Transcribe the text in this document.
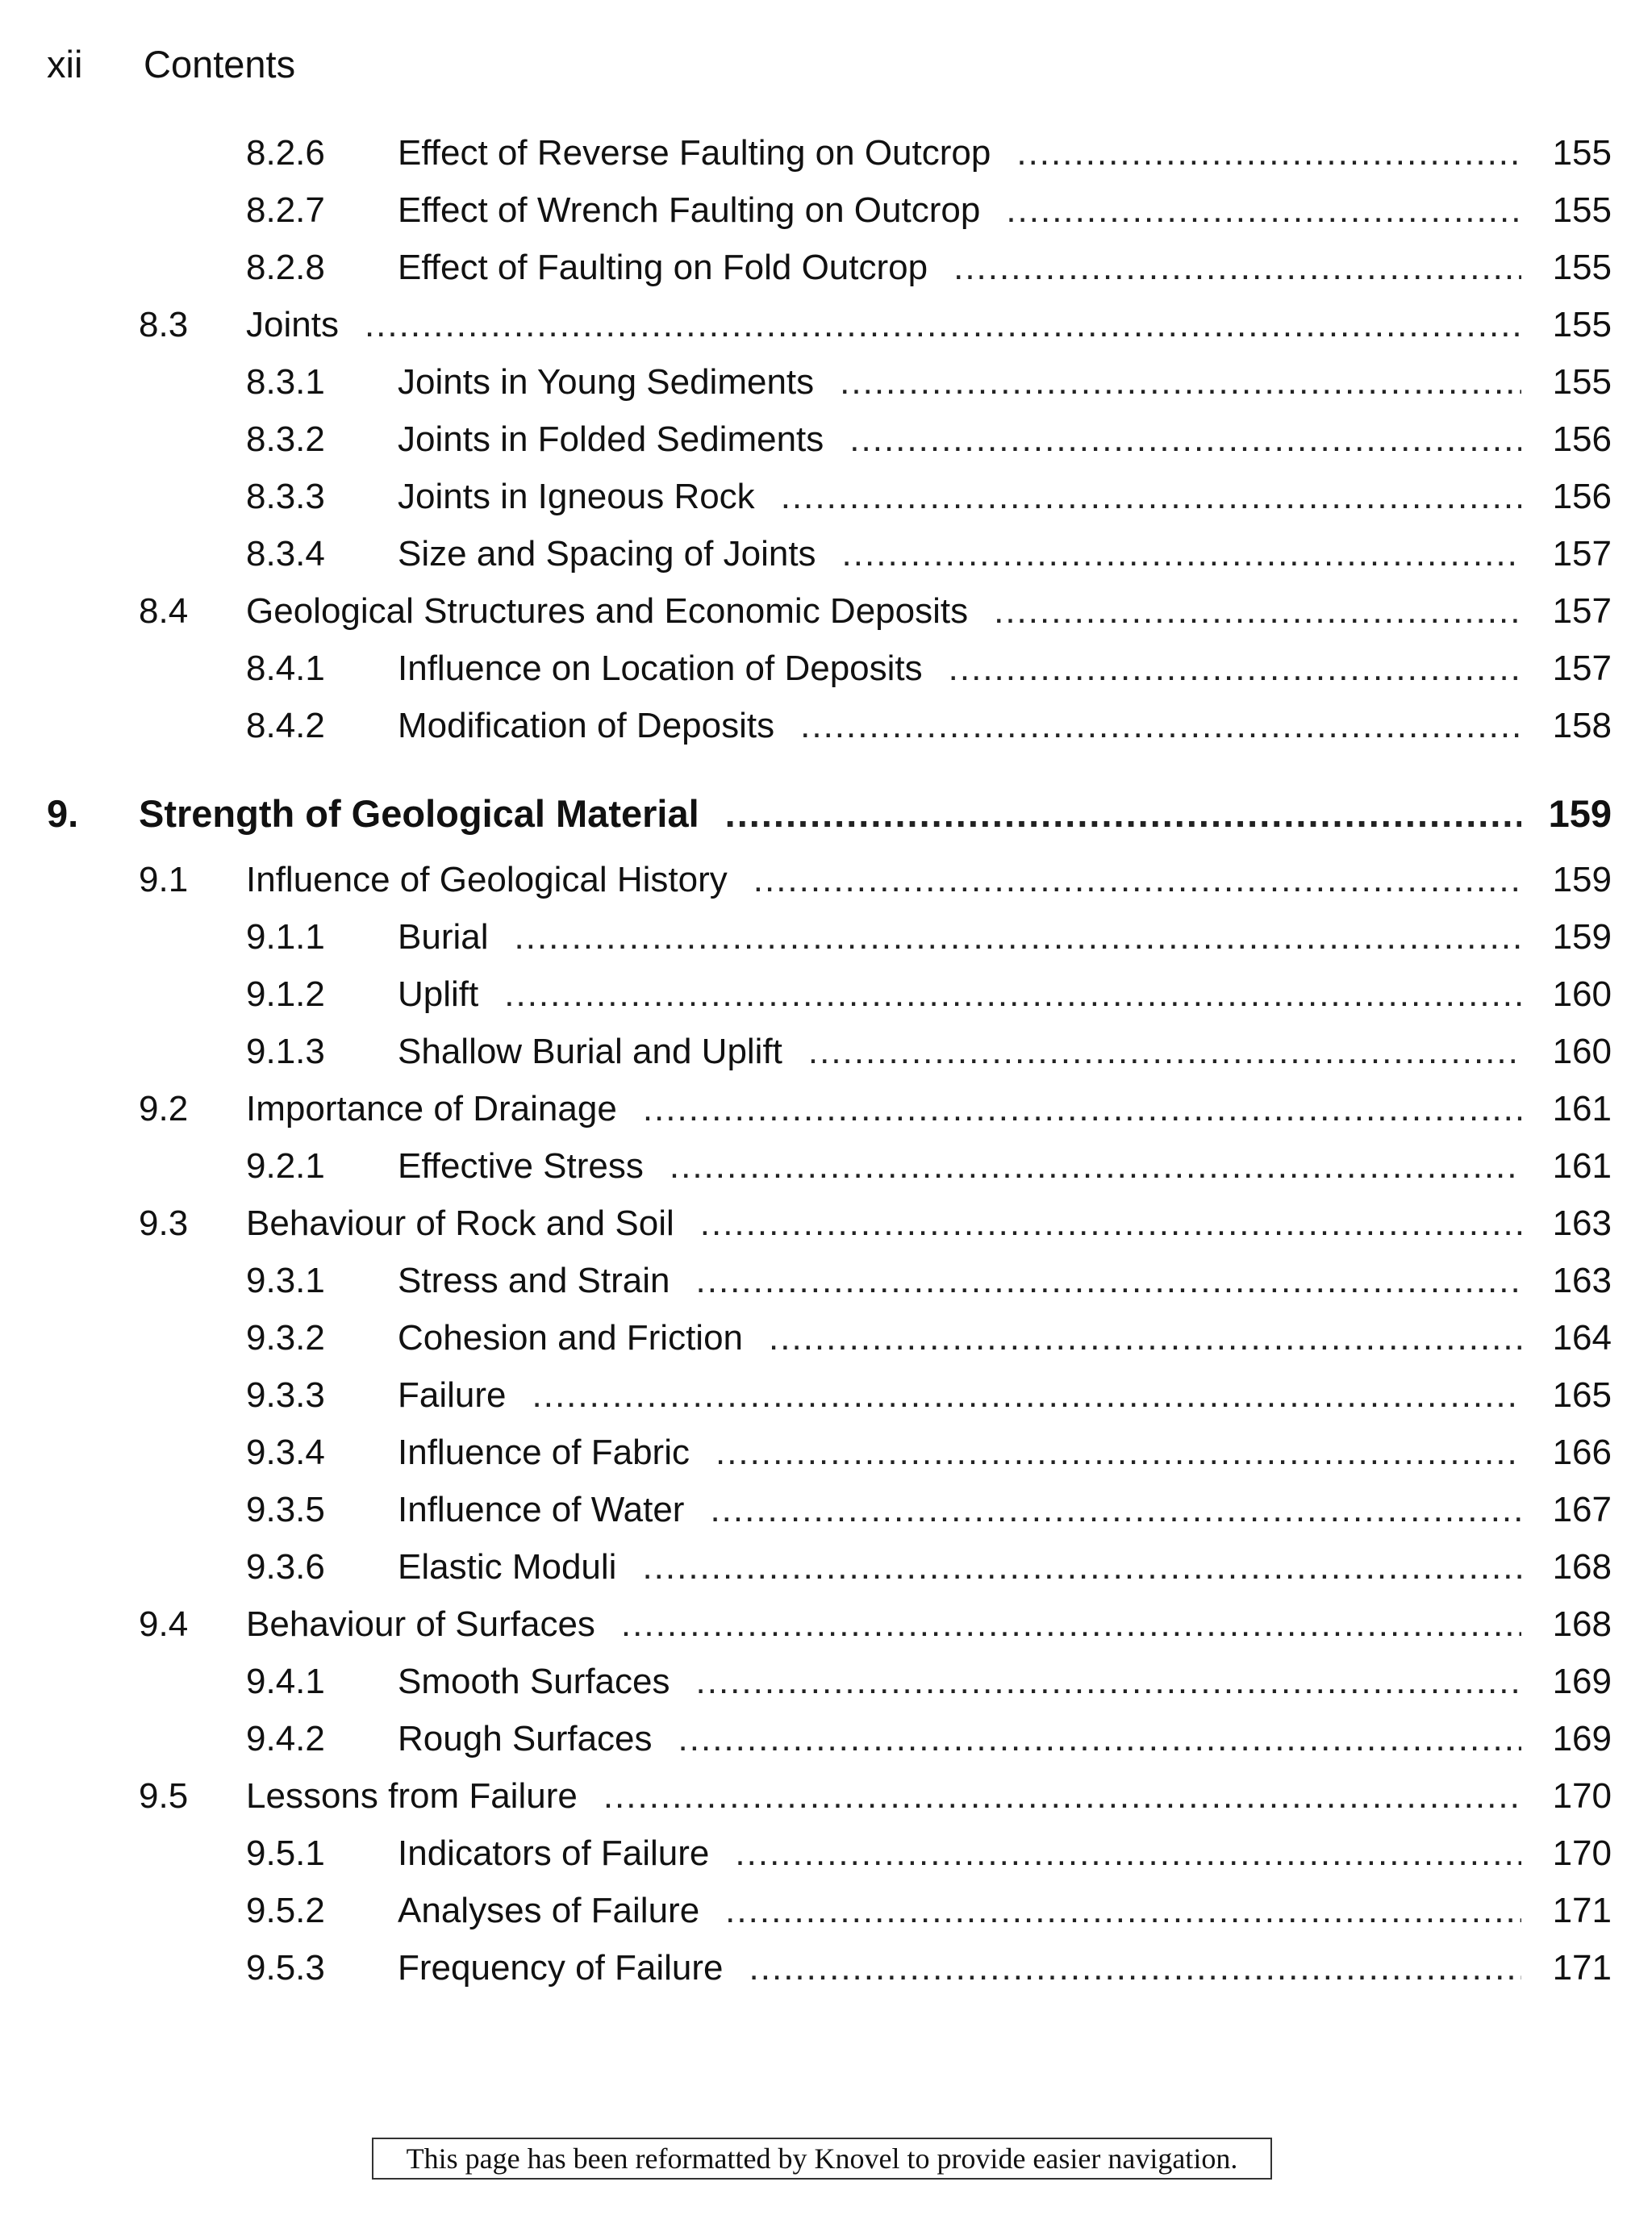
xii Contents
8.2.6 Effect of Reverse Faulting on Outcrop .....	155
8.2.7 Effect of Wrench Faulting on Outcrop .....	155
8.2.8 Effect of Faulting on Fold Outcrop .....	155
8.3 Joints .....	155
8.3.1 Joints in Young Sediments .....	155
8.3.2 Joints in Folded Sediments .....	156
8.3.3 Joints in Igneous Rock .....	156
8.3.4 Size and Spacing of Joints .....	157
8.4 Geological Structures and Economic Deposits .....	157
8.4.1 Influence on Location of Deposits .....	157
8.4.2 Modification of Deposits .....	158
9. Strength of Geological Material .....	159
9.1 Influence of Geological History .....	159
9.1.1 Burial .....	159
9.1.2 Uplift .....	160
9.1.3 Shallow Burial and Uplift .....	160
9.2 Importance of Drainage .....	161
9.2.1 Effective Stress .....	161
9.3 Behaviour of Rock and Soil .....	163
9.3.1 Stress and Strain .....	163
9.3.2 Cohesion and Friction .....	164
9.3.3 Failure .....	165
9.3.4 Influence of Fabric .....	166
9.3.5 Influence of Water .....	167
9.3.6 Elastic Moduli .....	168
9.4 Behaviour of Surfaces .....	168
9.4.1 Smooth Surfaces .....	169
9.4.2 Rough Surfaces .....	169
9.5 Lessons from Failure .....	170
9.5.1 Indicators of Failure .....	170
9.5.2 Analyses of Failure .....	171
9.5.3 Frequency of Failure .....	171
This page has been reformatted by Knovel to provide easier navigation.
